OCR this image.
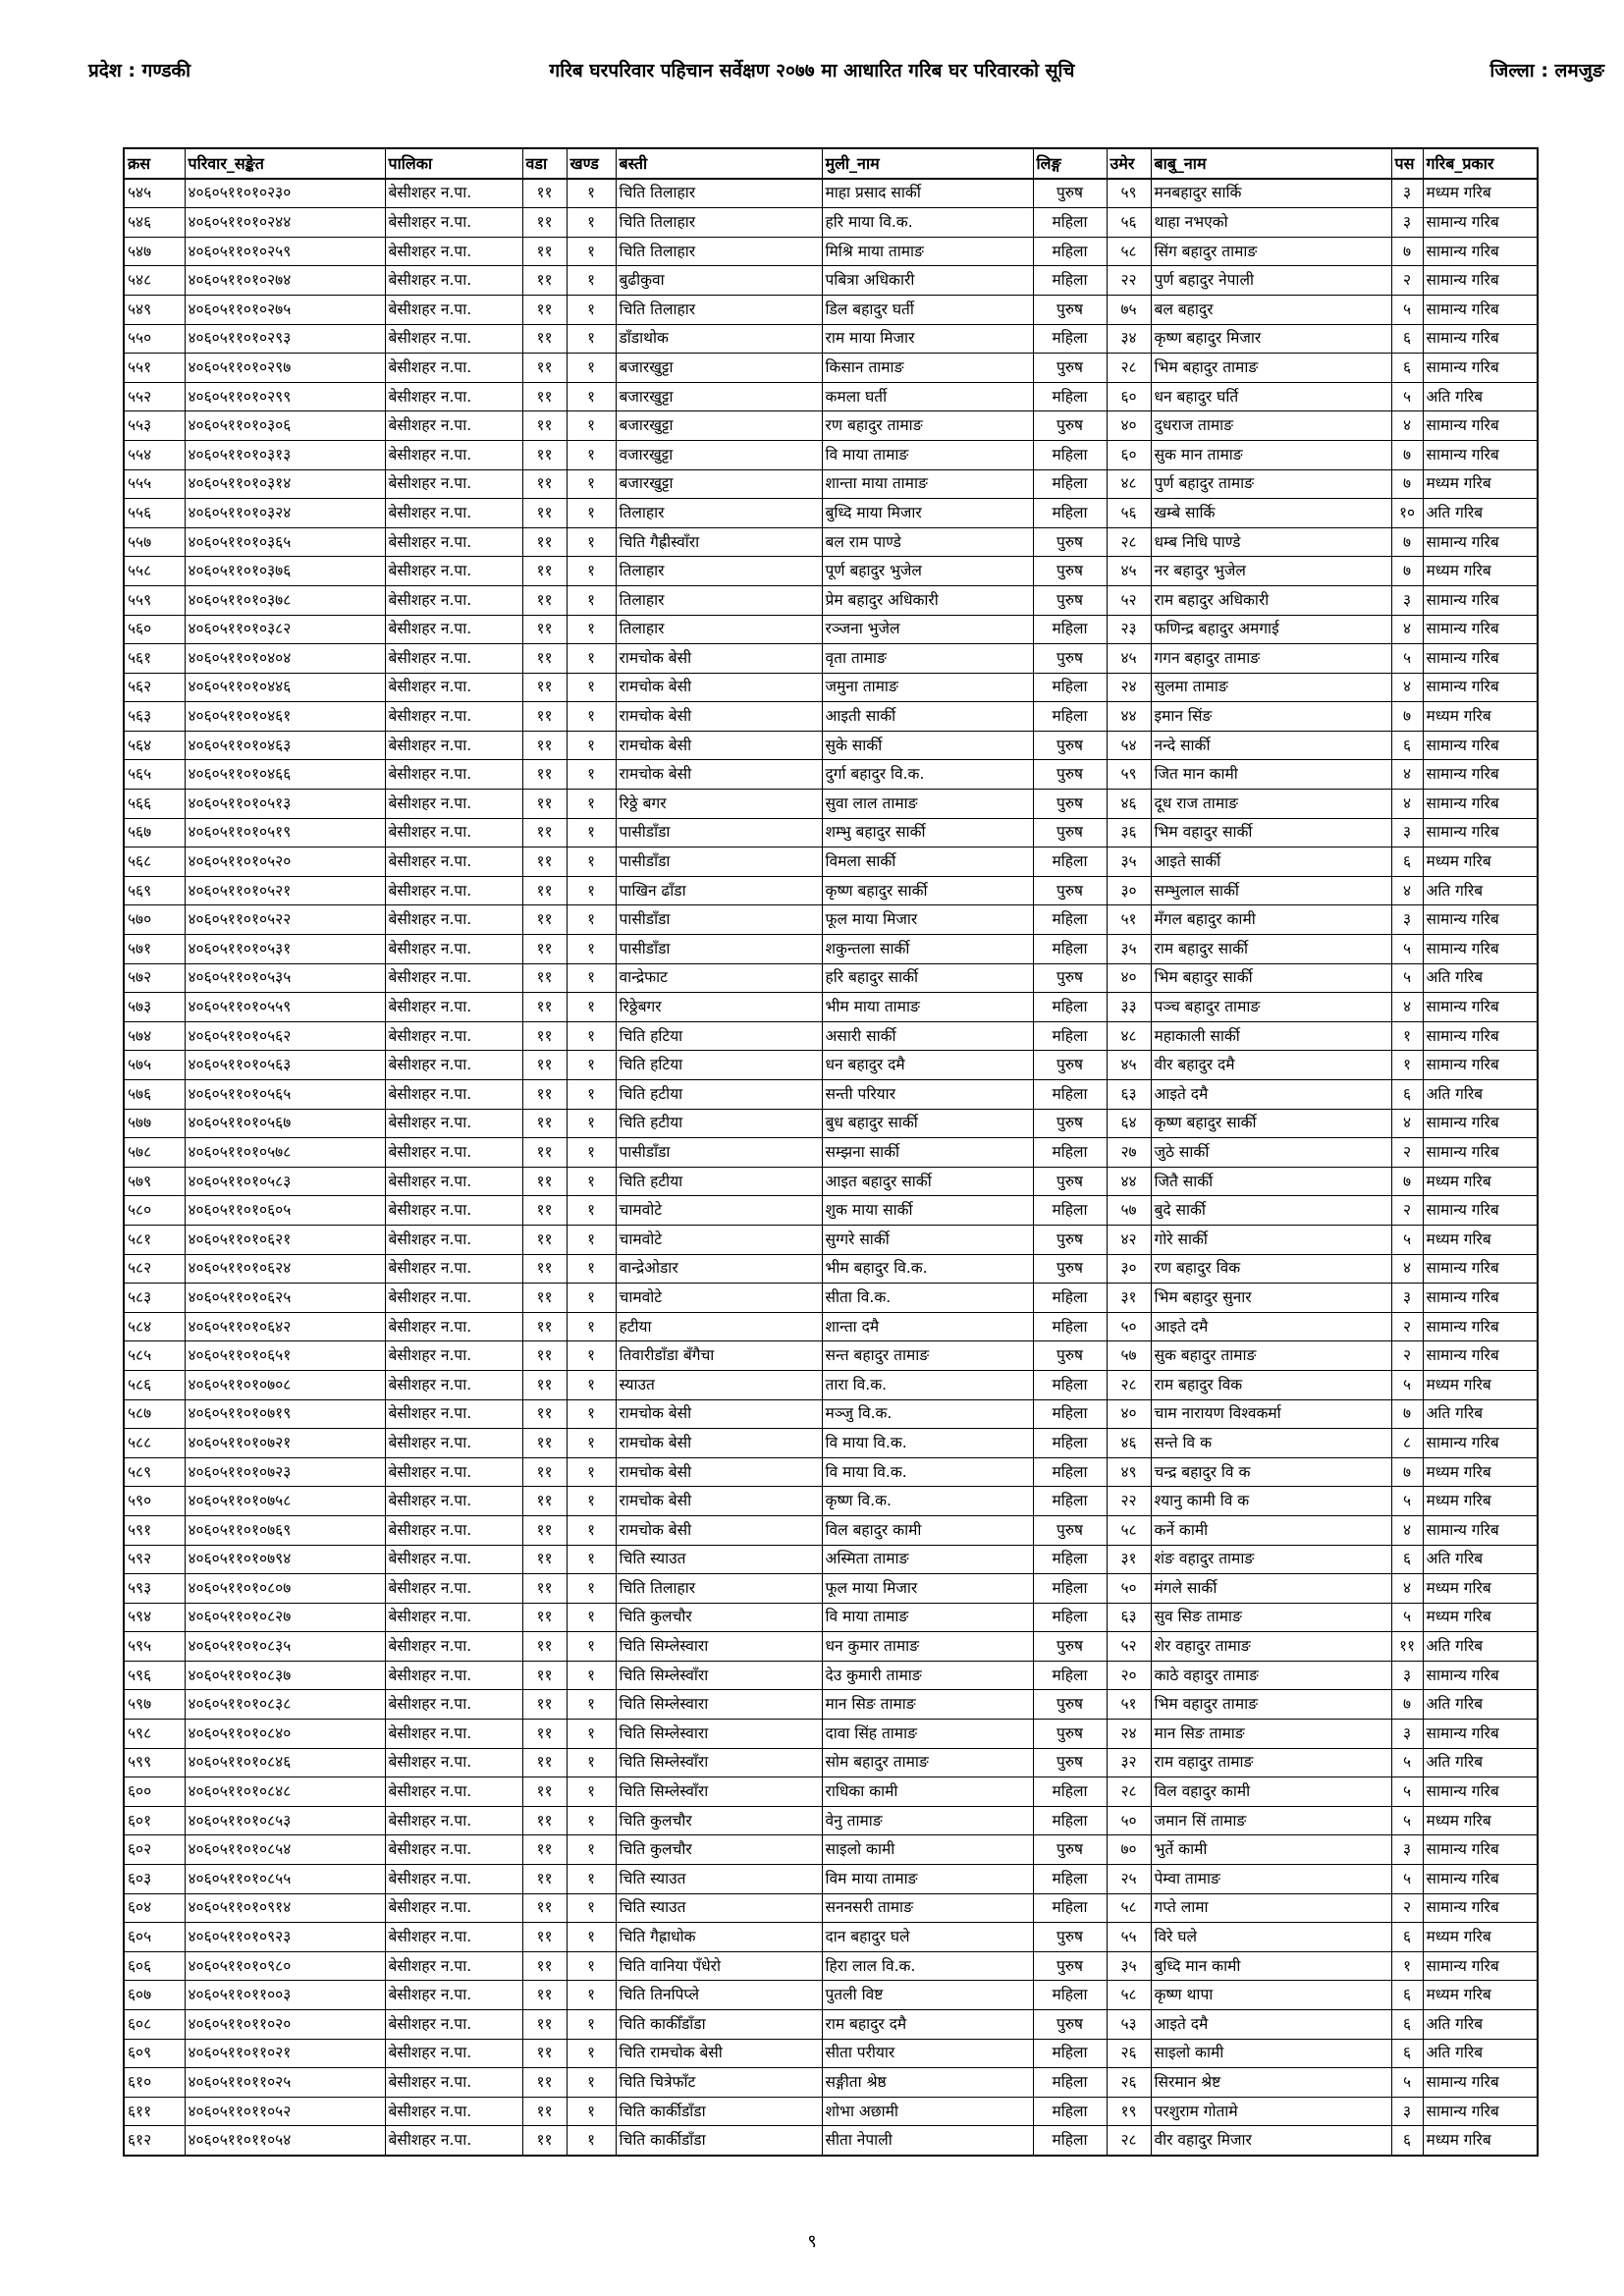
प्रदेश : गण्डकी	गरिब घरपरिवार पहिचान सर्वेक्षण २०७७ मा आधारित गरिब घर परिवारको सूचि	जिल्ला : लमजुङ
क्रस	परिवार_सङ्केत	पालिका	वडा	खण्ड	बस्ती	मुली_नाम	लिङ्ग	उमेर	बाबु_नाम	पस	गरिब_प्रकार
५४५	४०६०५११०१०२३०	बेसीशहर न.पा.	११	१	चिति तिलाहार	माहा प्रसाद सार्की	पुरुष	५९	मनबहादुर सार्कि	३	मध्यम गरिब
५४६	४०६०५११०१०२४४	बेसीशहर न.पा.	११	१	चिति तिलाहार	हरि माया वि.क.	महिला	५६	थाहा नभएको	३	सामान्य गरिब
५४७	४०६०५११०१०२५९	बेसीशहर न.पा.	११	१	चिति तिलाहार	मिश्रि माया तामाङ	महिला	५८	सिंग बहादुर तामाङ	७	सामान्य गरिब
५४८	४०६०५११०१०२७४	बेसीशहर न.पा.	११	१	बुढीकुवा	पबित्रा अधिकारी	महिला	२२	पुर्ण बहादुर नेपाली	२	सामान्य गरिब
५४९	४०६०५११०१०२७५	बेसीशहर न.पा.	११	१	चिति तिलाहार	डिल बहादुर घर्ती	पुरुष	७५	बल बहादुर	५	सामान्य गरिब
५५०	४०६०५११०१०२९३	बेसीशहर न.पा.	११	१	डाँडाथोक	राम माया मिजार	महिला	३४	कृष्ण बहादुर मिजार	६	सामान्य गरिब
५५१	४०६०५११०१०२९७	बेसीशहर न.पा.	११	१	बजारखुट्टा	किसान तामाङ	पुरुष	२८	भिम बहादुर तामाङ	६	सामान्य गरिब
५५२	४०६०५११०१०२९९	बेसीशहर न.पा.	११	१	बजारखुट्टा	कमला घर्ती	महिला	६०	धन बहादुर घर्ति	५	अति गरिब
५५३	४०६०५११०१०३०६	बेसीशहर न.पा.	११	१	बजारखुट्टा	रण बहादुर तामाङ	पुरुष	४०	दुधराज तामाङ	४	सामान्य गरिब
५५४	४०६०५११०१०३१३	बेसीशहर न.पा.	११	१	वजारखुट्टा	वि माया तामाङ	महिला	६०	सुक मान तामाङ	७	सामान्य गरिब
५५५	४०६०५११०१०३१४	बेसीशहर न.पा.	११	१	बजारखुट्टा	शान्ता माया तामाङ	महिला	४८	पुर्ण बहादुर तामाङ	७	मध्यम गरिब
५५६	४०६०५११०१०३२४	बेसीशहर न.पा.	११	१	तिलाहार	बुध्दि माया मिजार	महिला	५६	खम्बे सार्कि	१०	अति गरिब
५५७	४०६०५११०१०३६५	बेसीशहर न.पा.	११	१	चिति गैह्रीस्वाँरा	बल राम पाण्डे	पुरुष	२८	धम्ब निधि पाण्डे	७	सामान्य गरिब
५५८	४०६०५११०१०३७६	बेसीशहर न.पा.	११	१	तिलाहार	पूर्ण बहादुर भुजेल	पुरुष	४५	नर बहादुर भुजेल	७	मध्यम गरिब
५५९	४०६०५११०१०३७८	बेसीशहर न.पा.	११	१	तिलाहार	प्रेम बहादुर अधिकारी	पुरुष	५२	राम बहादुर अधिकारी	३	सामान्य गरिब
५६०	४०६०५११०१०३८२	बेसीशहर न.पा.	११	१	तिलाहार	रञ्जना भुजेल	महिला	२३	फणिन्द्र बहादुर अमगाई	४	सामान्य गरिब
५६१	४०६०५११०१०४०४	बेसीशहर न.पा.	११	१	रामचोक बेसी	वृता तामाङ	पुरुष	४५	गगन बहादुर तामाङ	५	सामान्य गरिब
५६२	४०६०५११०१०४४६	बेसीशहर न.पा.	११	१	रामचोक बेसी	जमुना तामाङ	महिला	२४	सुलमा तामाङ	४	सामान्य गरिब
५६३	४०६०५११०१०४६१	बेसीशहर न.पा.	११	१	रामचोक बेसी	आइती सार्की	महिला	४४	इमान सिंङ	७	मध्यम गरिब
५६४	४०६०५११०१०४६३	बेसीशहर न.पा.	११	१	रामचोक बेसी	सुके सार्की	पुरुष	५४	नन्दे सार्की	६	सामान्य गरिब
५६५	४०६०५११०१०४६६	बेसीशहर न.पा.	११	१	रामचोक बेसी	दुर्गा बहादुर वि.क.	पुरुष	५९	जित मान कामी	४	सामान्य गरिब
५६६	४०६०५११०१०५१३	बेसीशहर न.पा.	११	१	रिठ्ठे बगर	सुवा लाल तामाङ	पुरुष	४६	दूध राज तामाङ	४	सामान्य गरिब
५६७	४०६०५११०१०५१९	बेसीशहर न.पा.	११	१	पासीडाँडा	शम्भु बहादुर सार्की	पुरुष	३६	भिम वहादुर सार्की	३	सामान्य गरिब
५६८	४०६०५११०१०५२०	बेसीशहर न.पा.	११	१	पासीडाँडा	विमला सार्की	महिला	३५	आइते सार्की	६	मध्यम गरिब
५६९	४०६०५११०१०५२१	बेसीशहर न.पा.	११	१	पाखिन ढाँडा	कृष्ण बहादुर सार्की	पुरुष	३०	सम्भुलाल सार्की	४	अति गरिब
५७०	४०६०५११०१०५२२	बेसीशहर न.पा.	११	१	पासीडाँडा	फूल माया मिजार	महिला	५१	मँगल बहादुर कामी	३	सामान्य गरिब
५७१	४०६०५११०१०५३१	बेसीशहर न.पा.	११	१	पासीडाँडा	शकुन्तला सार्की	महिला	३५	राम बहादुर सार्की	५	सामान्य गरिब
५७२	४०६०५११०१०५३५	बेसीशहर न.पा.	११	१	वान्द्रेफाट	हरि बहादुर सार्की	पुरुष	४०	भिम बहादुर सार्की	५	अति गरिब
५७३	४०६०५११०१०५५९	बेसीशहर न.पा.	११	१	रिठ्ठेबगर	भीम माया तामाङ	महिला	३३	पञ्च बहादुर तामाङ	४	सामान्य गरिब
५७४	४०६०५११०१०५६२	बेसीशहर न.पा.	११	१	चिति हटिया	असारी सार्की	महिला	४८	महाकाली सार्की	१	सामान्य गरिब
५७५	४०६०५११०१०५६३	बेसीशहर न.पा.	११	१	चिति हटिया	धन बहादुर दमै	पुरुष	४५	वीर बहादुर दमै	१	सामान्य गरिब
५७६	४०६०५११०१०५६५	बेसीशहर न.पा.	११	१	चिति हटीया	सन्ती परियार	महिला	६३	आइते दमै	६	अति गरिब
५७७	४०६०५११०१०५६७	बेसीशहर न.पा.	११	१	चिति हटीया	बुध बहादुर सार्की	पुरुष	६४	कृष्ण बहादुर सार्की	४	सामान्य गरिब
५७८	४०६०५११०१०५७८	बेसीशहर न.पा.	११	१	पासीडाँडा	सम्झना सार्की	महिला	२७	जुठे सार्की	२	सामान्य गरिब
५७९	४०६०५११०१०५८३	बेसीशहर न.पा.	११	१	चिति हटीया	आइत बहादुर सार्की	पुरुष	४४	जितै सार्की	७	मध्यम गरिब
५८०	४०६०५११०१०६०५	बेसीशहर न.पा.	११	१	चामवोटे	शुक माया सार्की	महिला	५७	बुदे सार्की	२	सामान्य गरिब
५८१	४०६०५११०१०६२१	बेसीशहर न.पा.	११	१	चामवोटे	सुग्गरे सार्की	पुरुष	४२	गोरे सार्की	५	मध्यम गरिब
५८२	४०६०५११०१०६२४	बेसीशहर न.पा.	११	१	वान्द्रेओडार	भीम बहादुर वि.क.	पुरुष	३०	रण बहादुर विक	४	सामान्य गरिब
५८३	४०६०५११०१०६२५	बेसीशहर न.पा.	११	१	चामवोटे	सीता वि.क.	महिला	३१	भिम बहादुर सुनार	३	सामान्य गरिब
५८४	४०६०५११०१०६४२	बेसीशहर न.पा.	११	१	हटीया	शान्ता दमै	महिला	५०	आइते दमै	२	सामान्य गरिब
५८५	४०६०५११०१०६५१	बेसीशहर न.पा.	११	१	तिवारीडाँडा बँगैचा	सन्त बहादुर तामाङ	पुरुष	५७	सुक बहादुर तामाङ	२	सामान्य गरिब
५८६	४०६०५११०१०७०८	बेसीशहर न.पा.	११	१	स्याउत	तारा वि.क.	महिला	२८	राम बहादुर विक	५	मध्यम गरिब
५८७	४०६०५११०१०७१९	बेसीशहर न.पा.	११	१	रामचोक बेसी	मञ्जु वि.क.	महिला	४०	चाम नारायण विश्वकर्मा	७	अति गरिब
५८८	४०६०५११०१०७२१	बेसीशहर न.पा.	११	१	रामचोक बेसी	वि माया वि.क.	महिला	४६	सन्ते वि क	८	सामान्य गरिब
५८९	४०६०५११०१०७२३	बेसीशहर न.पा.	११	१	रामचोक बेसी	वि माया वि.क.	महिला	४९	चन्द्र बहादुर वि क	७	मध्यम गरिब
५९०	४०६०५११०१०७५८	बेसीशहर न.पा.	११	१	रामचोक बेसी	कृष्ण वि.क.	महिला	२२	श्यानु कामी वि क	५	मध्यम गरिब
५९१	४०६०५११०१०७६९	बेसीशहर न.पा.	११	१	रामचोक बेसी	विल बहादुर कामी	पुरुष	५८	कर्ने कामी	४	सामान्य गरिब
५९२	४०६०५११०१०७९४	बेसीशहर न.पा.	११	१	चिति स्याउत	अस्मिता तामाङ	महिला	३१	शंङ वहादुर तामाङ	६	अति गरिब
५९३	४०६०५११०१०८०७	बेसीशहर न.पा.	११	१	चिति तिलाहार	फूल माया मिजार	महिला	५०	मंगले सार्की	४	मध्यम गरिब
५९४	४०६०५११०१०८२७	बेसीशहर न.पा.	११	१	चिति कुलचौर	वि माया तामाङ	महिला	६३	सुव सिङ तामाङ	५	मध्यम गरिब
५९५	४०६०५११०१०८३५	बेसीशहर न.पा.	११	१	चिति सिम्लेस्वारा	धन कुमार तामाङ	पुरुष	५२	शेर वहादुर तामाङ	११	अति गरिब
५९६	४०६०५११०१०८३७	बेसीशहर न.पा.	११	१	चिति सिम्लेस्वाँरा	देउ कुमारी तामाङ	महिला	२०	काठे वहादुर तामाङ	३	सामान्य गरिब
५९७	४०६०५११०१०८३८	बेसीशहर न.पा.	११	१	चिति सिम्लेस्वारा	मान सिङ तामाङ	पुरुष	५१	भिम वहादुर तामाङ	७	अति गरिब
५९८	४०६०५११०१०८४०	बेसीशहर न.पा.	११	१	चिति सिम्लेस्वारा	दावा सिंह तामाङ	पुरुष	२४	मान सिङ तामाङ	३	सामान्य गरिब
५९९	४०६०५११०१०८४६	बेसीशहर न.पा.	११	१	चिति सिम्लेस्वाँरा	सोम बहादुर तामाङ	पुरुष	३२	राम वहादुर तामाङ	५	अति गरिब
६००	४०६०५११०१०८४८	बेसीशहर न.पा.	११	१	चिति सिम्लेस्वाँरा	राधिका कामी	महिला	२८	विल वहादुर कामी	५	सामान्य गरिब
६०१	४०६०५११०१०८५३	बेसीशहर न.पा.	११	१	चिति कुलचौर	वेनु तामाङ	महिला	५०	जमान सिं तामाङ	५	मध्यम गरिब
६०२	४०६०५११०१०८५४	बेसीशहर न.पा.	११	१	चिति कुलचौर	साइलो कामी	पुरुष	७०	भुर्ते कामी	३	सामान्य गरिब
६०३	४०६०५११०१०८५५	बेसीशहर न.पा.	११	१	चिति स्याउत	विम माया तामाङ	महिला	२५	पेम्वा तामाङ	५	सामान्य गरिब
६०४	४०६०५११०१०९१४	बेसीशहर न.पा.	११	१	चिति स्याउत	सननसरी तामाङ	महिला	५८	गप्ते लामा	२	सामान्य गरिब
६०५	४०६०५११०१०९२३	बेसीशहर न.पा.	११	१	चिति गैह्राधोक	दान बहादुर घले	पुरुष	५५	विरे घले	६	मध्यम गरिब
६०६	४०६०५११०१०९८०	बेसीशहर न.पा.	११	१	चिति वानिया पँधेरो	हिरा लाल वि.क.	पुरुष	३५	बुध्दि मान कामी	१	सामान्य गरिब
६०७	४०६०५११०११००३	बेसीशहर न.पा.	११	१	चिति तिनपिप्ले	पुतली विष्ट	महिला	५८	कृष्ण थापा	६	मध्यम गरिब
६०८	४०६०५११०११०२०	बेसीशहर न.पा.	११	१	चिति काकीँडाँडा	राम बहादुर दमै	पुरुष	५३	आइते दमै	६	अति गरिब
६०९	४०६०५११०११०२१	बेसीशहर न.पा.	११	१	चिति रामचोक बेसी	सीता परीयार	महिला	२६	साइलो कामी	६	अति गरिब
६१०	४०६०५११०११०२५	बेसीशहर न.पा.	११	१	चिति चित्रेफाँट	सङ्गीता श्रेष्ठ	महिला	२६	सिरमान श्रेष्ट	५	सामान्य गरिब
६११	४०६०५११०११०५२	बेसीशहर न.पा.	११	१	चिति कार्कीडाँडा	शोभा अछामी	महिला	१९	परशुराम गोतामे	३	सामान्य गरिब
६१२	४०६०५११०११०५४	बेसीशहर न.पा.	११	१	चिति कार्कीडाँडा	सीता नेपाली	महिला	२८	वीर वहादुर मिजार	६	मध्यम गरिब
९
